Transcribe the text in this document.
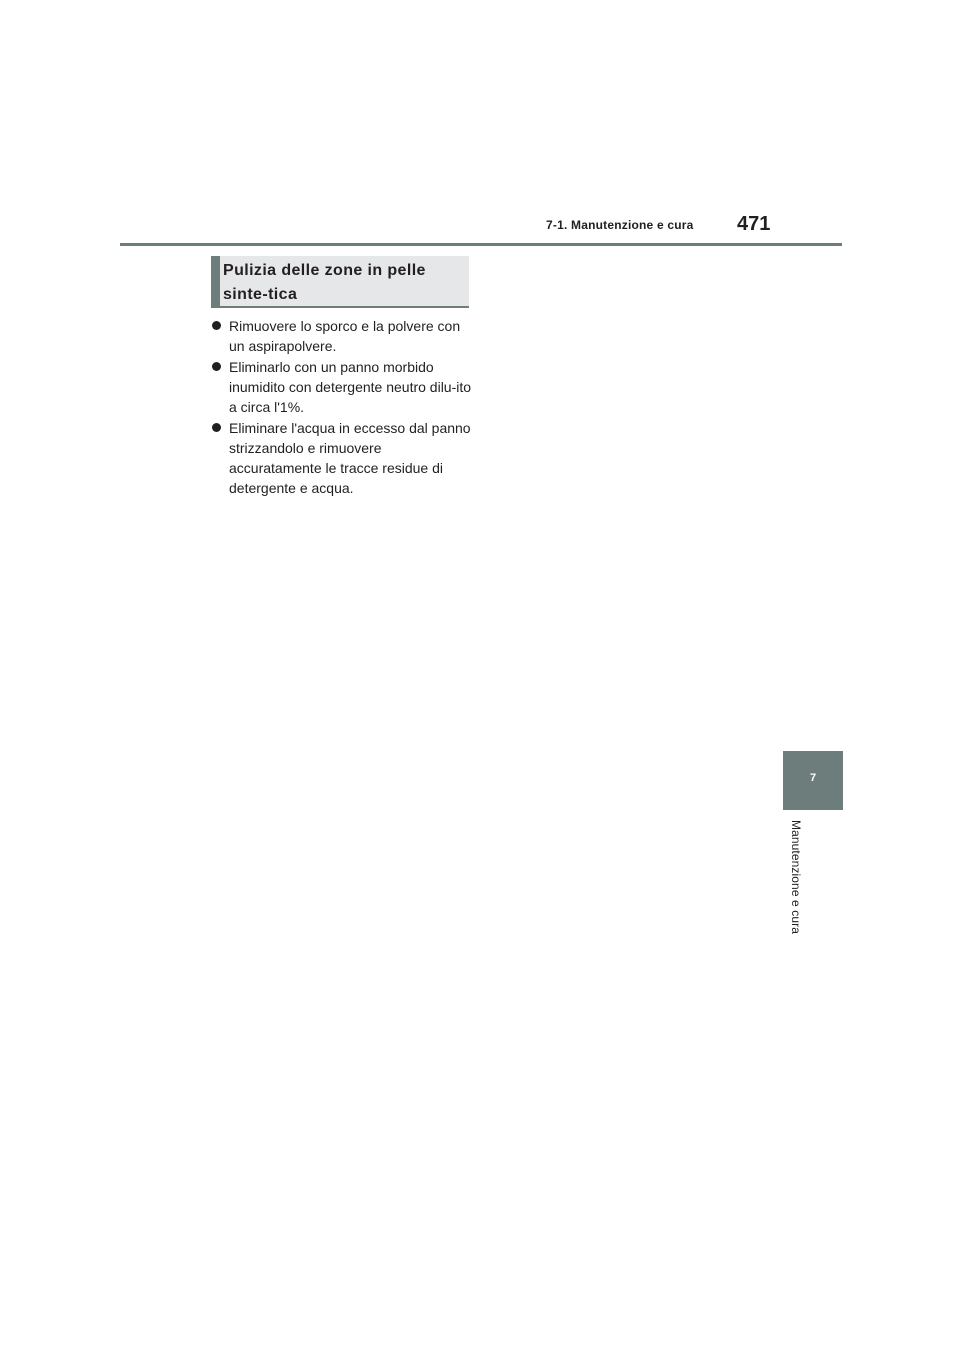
7-1. Manutenzione e cura 471
Pulizia delle zone in pelle sinte-tica
Rimuovere lo sporco e la polvere con un aspirapolvere.
Eliminarlo con un panno morbido inumidito con detergente neutro dilu-ito a circa l'1%.
Eliminare l'acqua in eccesso dal panno strizzandolo e rimuovere accuratamente le tracce residue di detergente e acqua.
7
Manutenzione e cura
